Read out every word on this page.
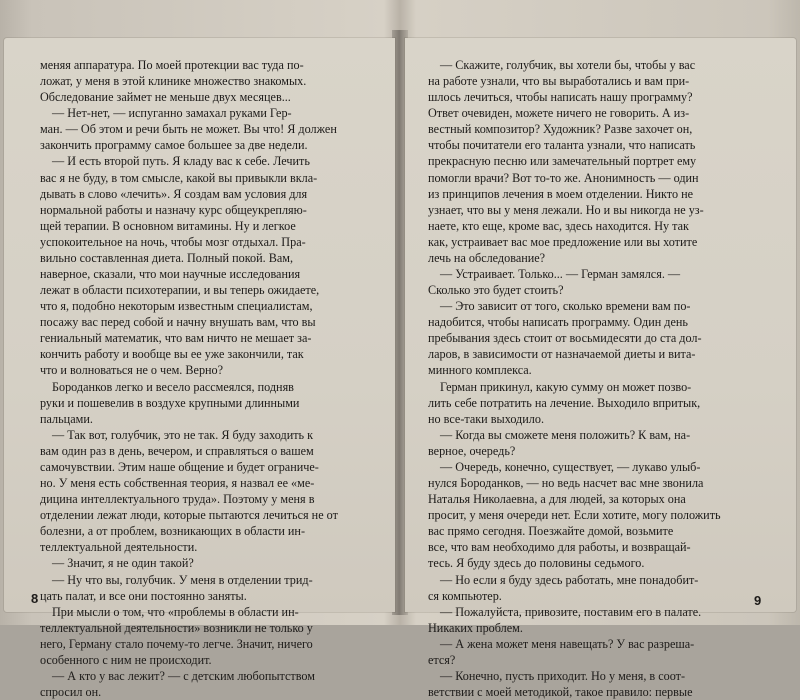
меняя аппаратура. По моей протекции вас туда по-
ложат, у меня в этой клинике множество знакомых.
Обследование займет не меньше двух месяцев...
— Нет-нет, — испуганно замахал руками Гер-
ман. — Об этом и речи быть не может. Вы что! Я должен
закончить программу самое большее за две недели.
— И есть второй путь. Я кладу вас к себе. Лечить
вас я не буду, в том смысле, какой вы привыкли вкла-
дывать в слово «лечить». Я создам вам условия для
нормальной работы и назначу курс общеукрепляю-
щей терапии. В основном витамины. Ну и легкое
успокоительное на ночь, чтобы мозг отдыхал. Пра-
вильно составленная диета. Полный покой. Вам,
наверное, сказали, что мои научные исследования
лежат в области психотерапии, и вы теперь ожидаете,
что я, подобно некоторым известным специалистам,
посажу вас перед собой и начну внушать вам, что вы
гениальный математик, что вам ничто не мешает за-
кончить работу и вообще вы ее уже закончили, так
что и волноваться не о чем. Верно?
Бороданков легко и весело рассмеялся, подняв
руки и пошевелив в воздухе крупными длинными
пальцами.
— Так вот, голубчик, это не так. Я буду заходить к
вам один раз в день, вечером, и справляться о вашем
самочувствии. Этим наше общение и будет ограниче-
но. У меня есть собственная теория, я назвал ее «ме-
дицина интеллектуального труда». Поэтому у меня в
отделении лежат люди, которые пытаются лечиться не от
болезни, а от проблем, возникающих в области ин-
теллектуальной деятельности.
— Значит, я не один такой?
— Ну что вы, голубчик. У меня в отделении трид-
цать палат, и все они постоянно заняты.
При мысли о том, что «проблемы в области ин-
теллектуальной деятельности» возникли не только у
него, Герману стало почему-то легче. Значит, ничего
особенного с ним не происходит.
— А кто у вас лежит? — с детским любопытством
спросил он.
8
— Скажите, голубчик, вы хотели бы, чтобы у вас
на работе узнали, что вы выработались и вам при-
шлось лечиться, чтобы написать нашу программу?
Ответ очевиден, можете ничего не говорить. А из-
вестный композитор? Художник? Разве захочет он,
чтобы почитатели его таланта узнали, что написать
прекрасную песню или замечательный портрет ему
помогли врачи? Вот то-то же. Анонимность — один
из принципов лечения в моем отделении. Никто не
узнает, что вы у меня лежали. Но и вы никогда не уз-
наете, кто еще, кроме вас, здесь находится. Ну так
как, устраивает вас мое предложение или вы хотите
лечь на обследование?
— Устраивает. Только... — Герман замялся. —
Сколько это будет стоить?
— Это зависит от того, сколько времени вам по-
надобится, чтобы написать программу. Один день
пребывания здесь стоит от восьмидесяти до ста дол-
ларов, в зависимости от назначаемой диеты и вита-
минного комплекса.
Герман прикинул, какую сумму он может позво-
лить себе потратить на лечение. Выходило впритык,
но все-таки выходило.
— Когда вы сможете меня положить? К вам, на-
верное, очередь?
— Очередь, конечно, существует, — лукаво улыб-
нулся Бороданков, — но ведь насчет вас мне звонила
Наталья Николаевна, а для людей, за которых она
просит, у меня очереди нет. Если хотите, могу положить
вас прямо сегодня. Поезжайте домой, возьмите
все, что вам необходимо для работы, и возвращай-
тесь. Я буду здесь до половины седьмого.
— Но если я буду здесь работать, мне понадобит-
ся компьютер.
— Пожалуйста, привозите, поставим его в палате.
Никаких проблем.
— А жена может меня навещать? У вас разреша-
ется?
— Конечно, пусть приходит. Но у меня, в соот-
ветствии с моей методикой, такое правило: первые
9
